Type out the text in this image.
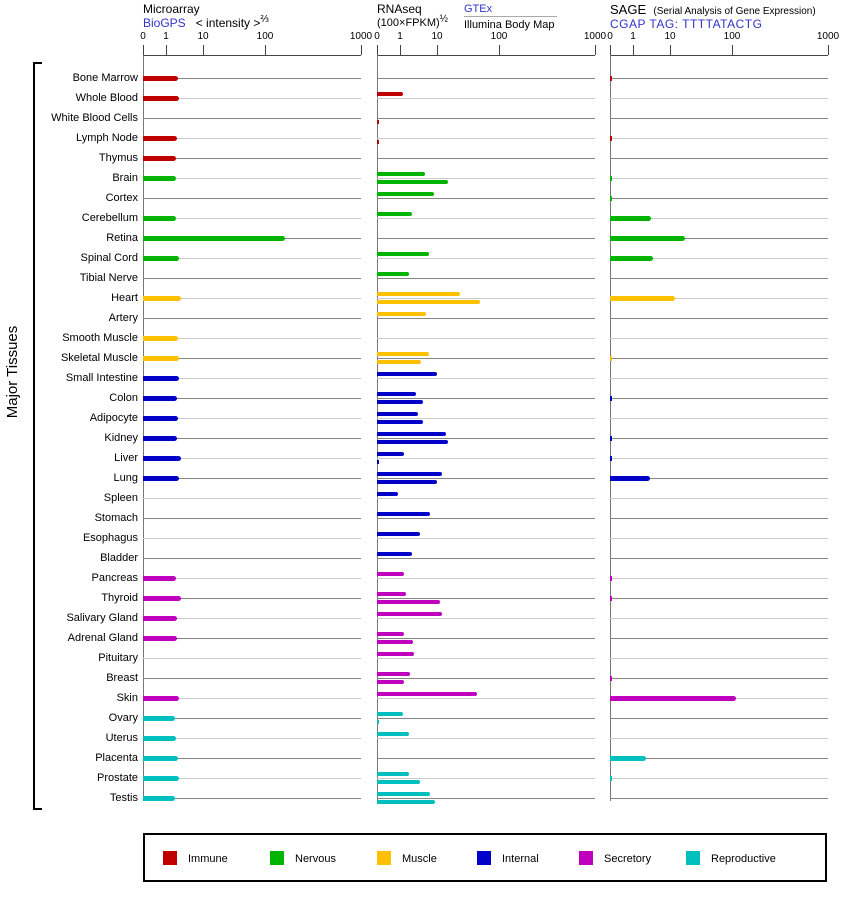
Major Tissues
Microarray
BioGPS < intensity >$^{\frac{2}{3}}$
RNAseq
(100×FPKM)½
GTEx
Illumina Body Map
SAGE (Serial Analysis of Gene Expression)
CGAP TAG: TTTTATACTG
0	1	10	100	1000 0	1	10	100	1000 0	1	10	100	1000
Bone Marrow
Whole Blood
White Blood Cells
Lymph Node
Thymus
Brain
Cortex
Cerebellum
Retina
Spinal Cord
Tibial Nerve
Heart
Artery
Smooth Muscle
Skeletal Muscle
Small Intestine
Colon
Adipocyte
Kidney
Liver
Lung
Spleen
Stomach
Esophagus
Bladder
Pancreas
Thyroid
Salivary Gland
Adrenal Gland
Pituitary
Breast
Skin
Ovary
Uterus
Placenta
Prostate
Testis
Immune	Nervous	Muscle	Internal	Secretory	Reproductive
